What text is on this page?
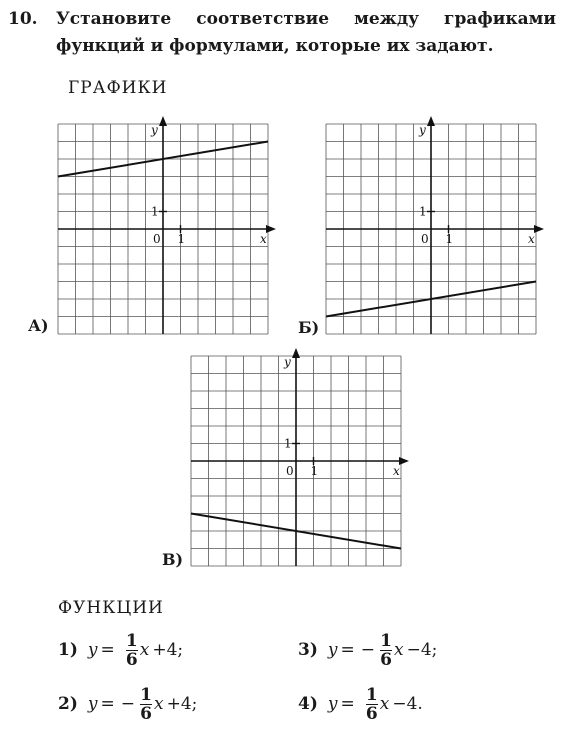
10. Установите соответствие между графиками функций и формулами, которые их задают.
ГРАФИКИ
y
x
1
0 1
А)
y
x
1
0 1
Б)
y
x
1
0 1
В)
ФУНКЦИИ
1) $y = \frac{1}{6}$ x +4;	3) y = − $\frac{1}{6}$ x −4;
2) y = − $\frac{1}{6}$ x +4;	4) $y = \frac{1}{6}$ x −4.
